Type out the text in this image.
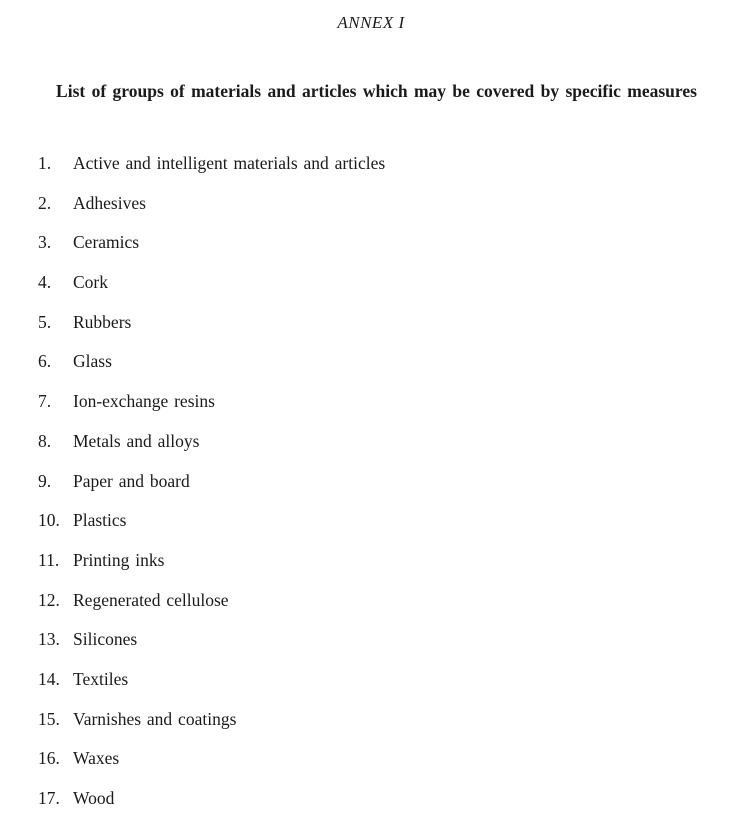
ANNEX I
List of groups of materials and articles which may be covered by specific measures
1.	Active and intelligent materials and articles
2.	Adhesives
3.	Ceramics
4.	Cork
5.	Rubbers
6.	Glass
7.	Ion-exchange resins
8.	Metals and alloys
9.	Paper and board
10. Plastics
11. Printing inks
12. Regenerated cellulose
13. Silicones
14. Textiles
15. Varnishes and coatings
16. Waxes
17. Wood
